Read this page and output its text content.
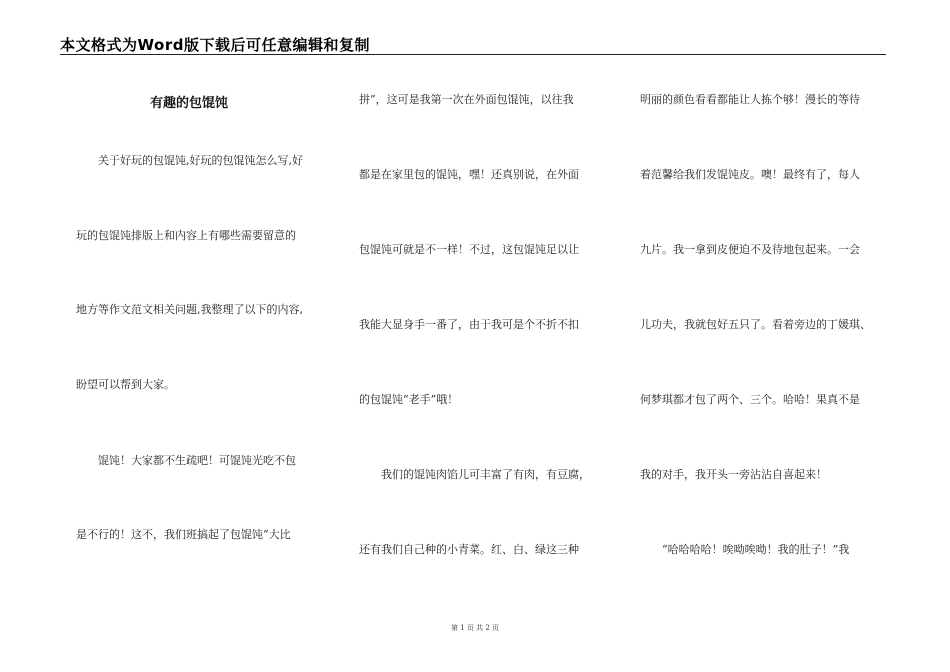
本文格式为Word版下载后可任意编辑和复制
有趣的包馄饨
　　关于好玩的包馄饨,好玩的包馄饨怎么写,好
玩的包馄饨排版上和内容上有哪些需要留意的
地方等作文范文相关问题,我整理了以下的内容,
盼望可以帮到大家。
　　馄饨！大家都不生疏吧！可馄饨光吃不包
是不行的！这不，我们班搞起了包馄饨“大比
拼”，这可是我第一次在外面包馄饨，以往我
都是在家里包的馄饨，嘿！还真别说，在外面
包馄饨可就是不一样！不过，这包馄饨足以让
我能大显身手一番了，由于我可是个不折不扣
的包馄饨“老手”哦！
　　我们的馄饨肉馅儿可丰富了有肉，有豆腐，
还有我们自己种的小青菜。红、白、绿这三种
明丽的颜色看看都能让人拣个够！漫长的等待
着范馨给我们发馄饨皮。噢！最终有了，每人
九片。我一拿到皮便迫不及待地包起来。一会
儿功夫，我就包好五只了。看着旁边的丁媛琪、
何梦琪都才包了两个、三个。哈哈！果真不是
我的对手，我开头一旁沾沾自喜起来！
　　“哈哈哈哈！唉呦唉呦！我的肚子！”我
第 1 页 共 2 页
